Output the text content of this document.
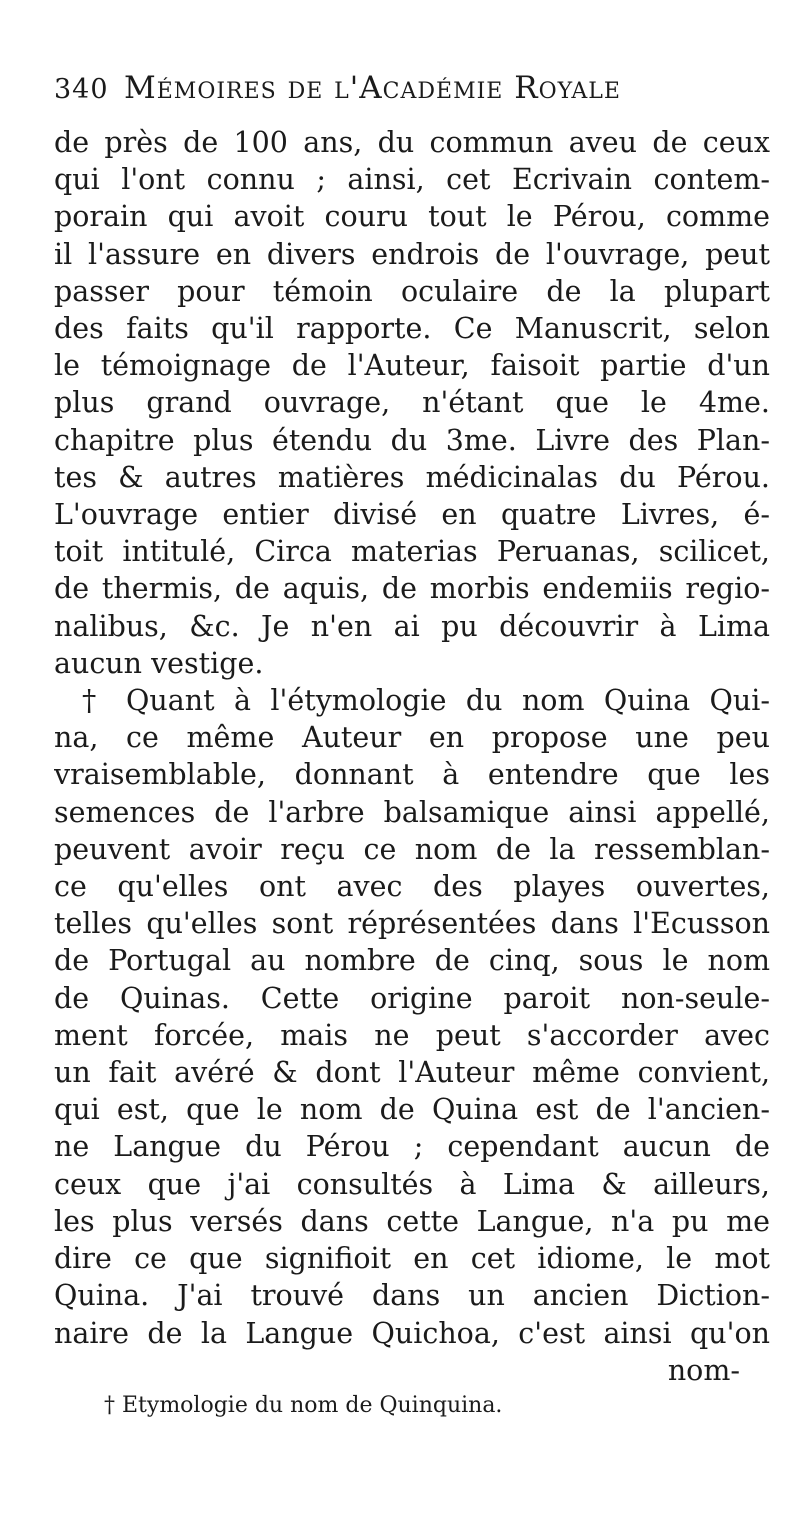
340 Mémoires de l'Académie Royale
de près de 100 ans, du commun aveu de ceux
qui l'ont connu ; ainsi, cet Ecrivain contem-
porain qui avoit couru tout le Pérou, comme
il l'assure en divers endrois de l'ouvrage, peut
passer pour témoin oculaire de la plupart
des faits qu'il rapporte. Ce Manuscrit, selon
le témoignage de l'Auteur, faisoit partie d'un
plus grand ouvrage, n'étant que le 4me.
chapitre plus étendu du 3me. Livre des Plan-
tes & autres matières médicinalas du Pérou.
L'ouvrage entier divisé en quatre Livres, é-
toit intitulé, Circa materias Peruanas, scilicet,
de thermis, de aquis, de morbis endemiis regio-
nalibus, &c. Je n'en ai pu découvrir à Lima
aucun vestige.
† Quant à l'étymologie du nom Quina Qui-
na, ce même Auteur en propose une peu
vraisemblable, donnant à entendre que les
semences de l'arbre balsamique ainsi appellé,
peuvent avoir reçu ce nom de la ressemblan-
ce qu'elles ont avec des playes ouvertes,
telles qu'elles sont réprésentées dans l'Ecusson
de Portugal au nombre de cinq, sous le nom
de Quinas. Cette origine paroit non-seule-
ment forcée, mais ne peut s'accorder avec
un fait avéré & dont l'Auteur même convient,
qui est, que le nom de Quina est de l'ancien-
ne Langue du Pérou ; cependant aucun de
ceux que j'ai consultés à Lima & ailleurs,
les plus versés dans cette Langue, n'a pu me
dire ce que signifioit en cet idiome, le mot
Quina. J'ai trouvé dans un ancien Diction-
naire de la Langue Quichoa, c'est ainsi qu'on
nom-
† Etymologie du nom de Quinquina.
